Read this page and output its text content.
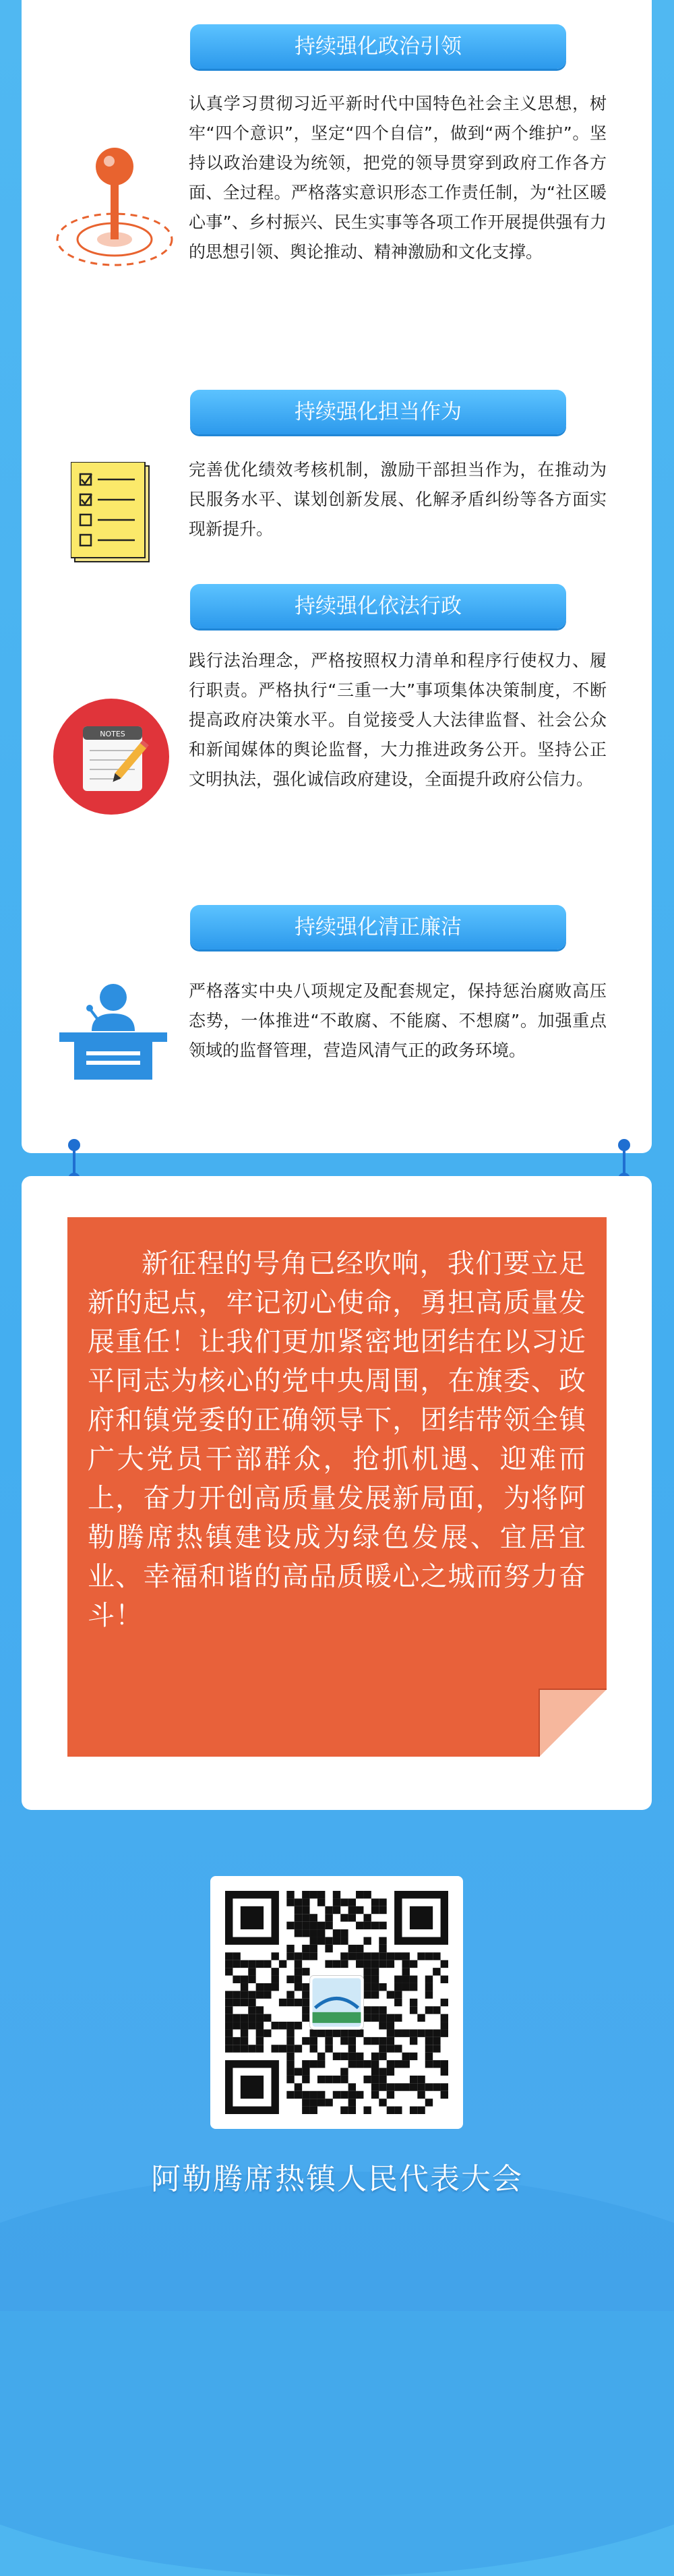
持续强化政治引领
认真学习贯彻习近平新时代中国特色社会主义思想，树牢“四个意识”，坚定“四个自信”，做到“两个维护”。坚持以政治建设为统领，把党的领导贯穿到政府工作各方面、全过程。严格落实意识形态工作责任制，为“社区暖心事”、乡村振兴、民生实事等各项工作开展提供强有力的思想引领、舆论推动、精神激励和文化支撑。
持续强化担当作为
完善优化绩效考核机制，激励干部担当作为，在推动为民服务水平、谋划创新发展、化解矛盾纠纷等各方面实现新提升。
持续强化依法行政
NOTES
践行法治理念，严格按照权力清单和程序行使权力、履行职责。严格执行“三重一大”事项集体决策制度，不断提高政府决策水平。自觉接受人大法律监督、社会公众和新闻媒体的舆论监督，大力推进政务公开。坚持公正文明执法，强化诚信政府建设，全面提升政府公信力。
持续强化清正廉洁
严格落实中央八项规定及配套规定，保持惩治腐败高压态势，一体推进“不敢腐、不能腐、不想腐”。加强重点领域的监督管理，营造风清气正的政务环境。
新征程的号角已经吹响，我们要立足新的起点，牢记初心使命，勇担高质量发展重任！让我们更加紧密地团结在以习近平同志为核心的党中央周围，在旗委、政府和镇党委的正确领导下，团结带领全镇广大党员干部群众，抢抓机遇、迎难而上，奋力开创高质量发展新局面，为将阿勒腾席热镇建设成为绿色发展、宜居宜业、幸福和谐的高品质暖心之城而努力奋斗！
阿勒腾席热镇人民代表大会
